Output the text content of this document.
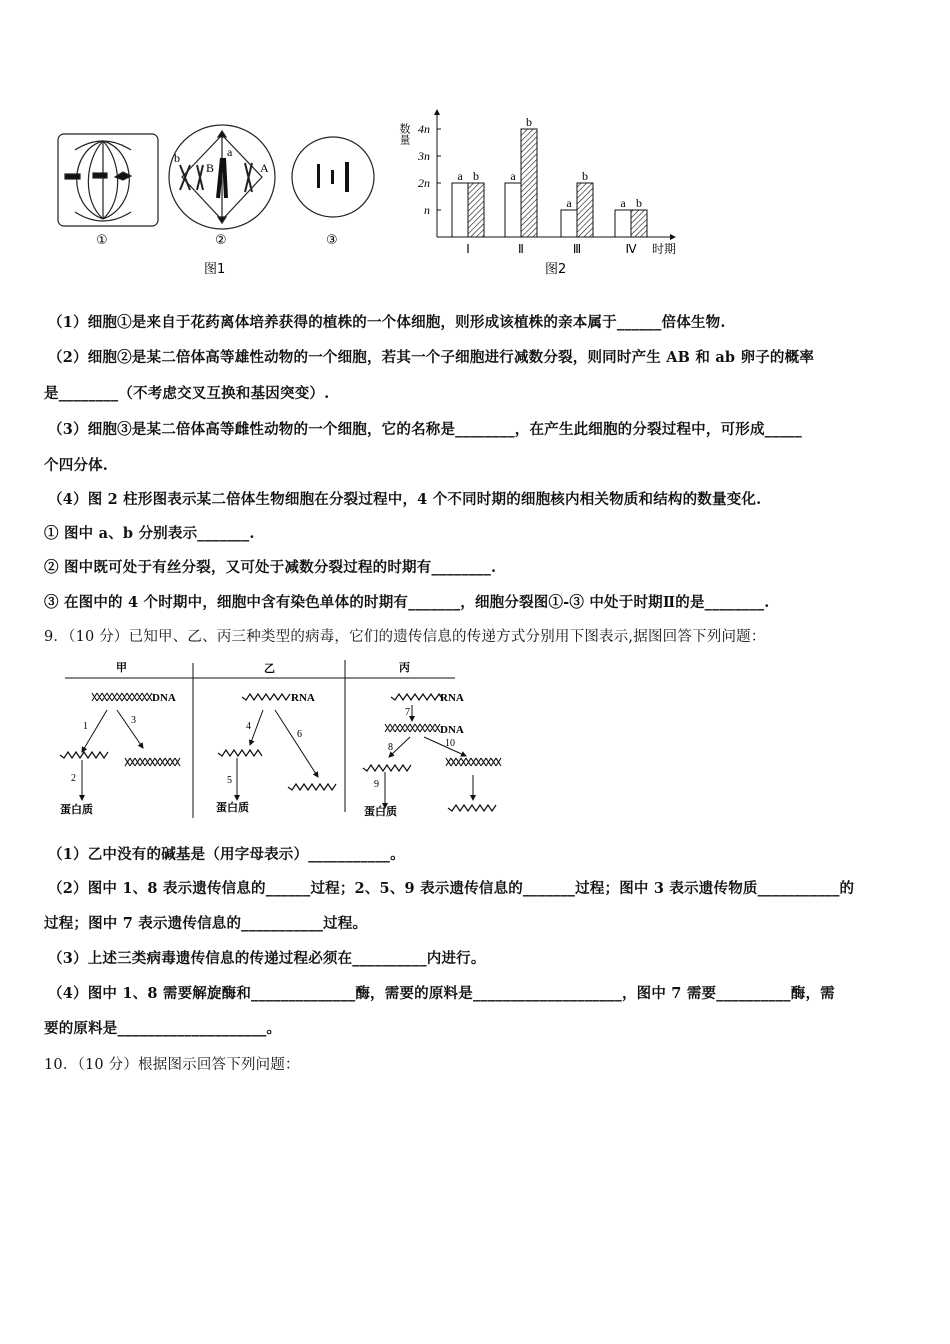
b
B
a
A
①	②	③
图1
数量
时期
图2
n
2n
3n
4n
Ⅰ
a b
Ⅱ
a
b
Ⅲ
a
b
Ⅳ
a b
甲	乙	丙
DNA	RNA	RNA
DNA
蛋白质	蛋白质	蛋白质
1
2
3
4
5
6
7
8
9
10
（1）细胞①是来自于花药离体培养获得的植株的一个体细胞，则形成该植株的亲本属于______倍体生物.
（2）细胞②是某二倍体高等雄性动物的一个细胞，若其一个子细胞进行减数分裂，则同时产生 AB 和 ab 卵子的概率
是________（不考虑交叉互换和基因突变）.
（3）细胞③是某二倍体高等雌性动物的一个细胞，它的名称是________，在产生此细胞的分裂过程中，可形成_____
个四分体.
（4）图 2 柱形图表示某二倍体生物细胞在分裂过程中，4 个不同时期的细胞核内相关物质和结构的数量变化.
① 图中 a、b 分别表示_______.
② 图中既可处于有丝分裂，又可处于减数分裂过程的时期有________.
③ 在图中的 4 个时期中，细胞中含有染色单体的时期有_______，细胞分裂图①-③ 中处于时期Ⅱ的是________.
9．（10 分）已知甲、乙、丙三种类型的病毒，它们的遗传信息的传递方式分别用下图表示,据图回答下列问题：
（1）乙中没有的碱基是（用字母表示）___________。
（2）图中 1、8 表示遗传信息的______过程；2、5、9 表示遗传信息的_______过程；图中 3 表示遗传物质___________的
过程；图中 7 表示遗传信息的___________过程。
（3）上述三类病毒遗传信息的传递过程必须在__________内进行。
（4）图中 1、8 需要解旋酶和______________酶，需要的原料是____________________，图中 7 需要__________酶，需
要的原料是____________________。
10．（10 分）根据图示回答下列问题：
